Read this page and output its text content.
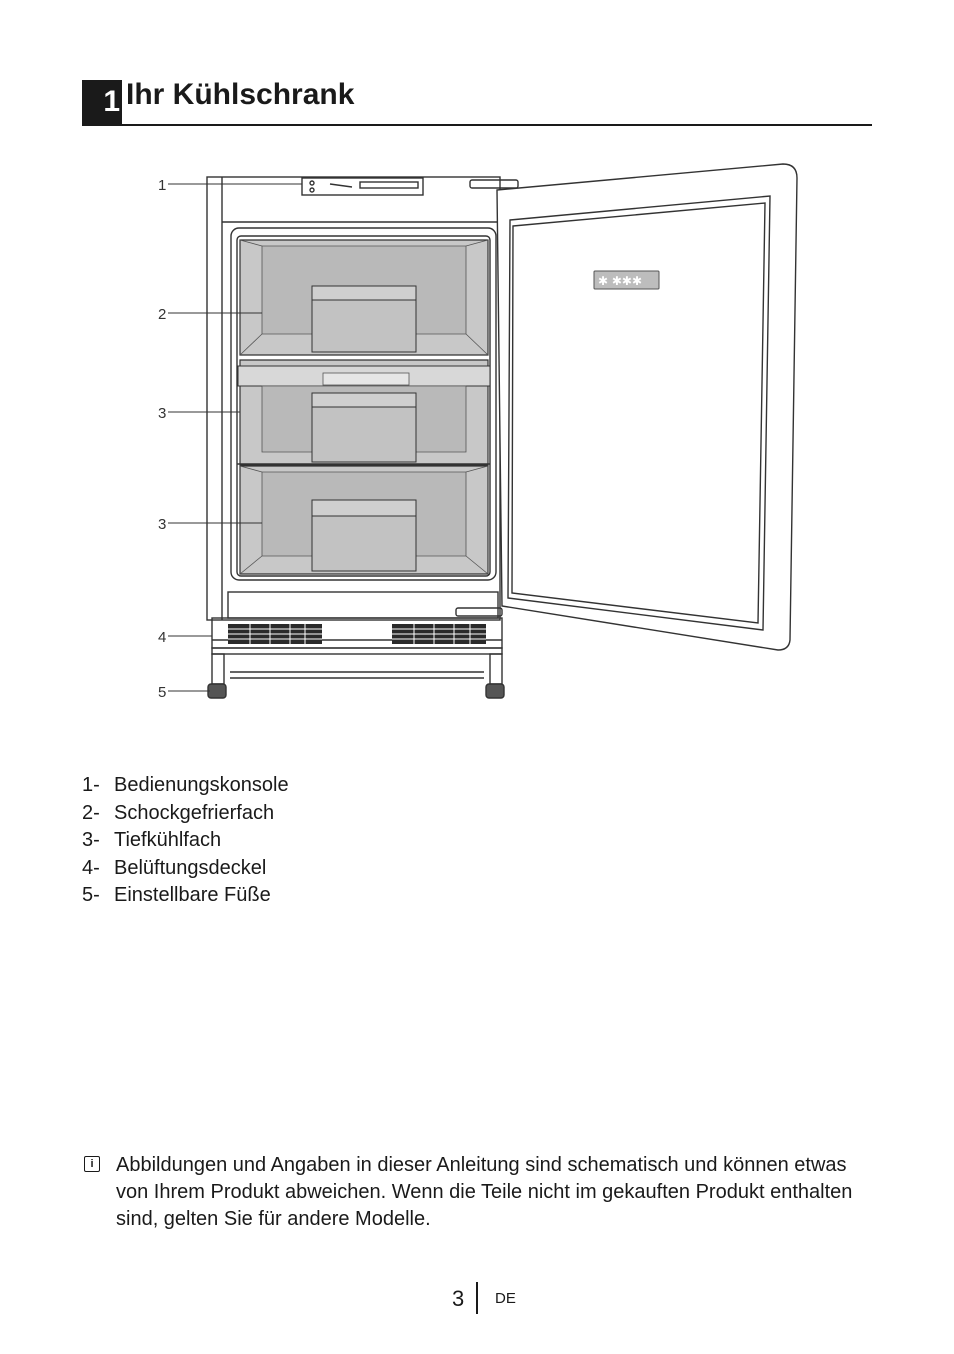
1 Ihr Kühlschrank
✱ ✱✱✱
1
2
3
3
4
5
1- Bedienungskonsole
2- Schockgefrierfach
3- Tiefkühlfach
4- Belüftungsdeckel
5- Einstellbare Füße
i	Abbildungen und Angaben in dieser Anleitung sind schematisch und können etwas von Ihrem Produkt abweichen. Wenn die Teile nicht im gekauften Produkt enthalten sind, gelten Sie für andere Modelle.
3 DE
